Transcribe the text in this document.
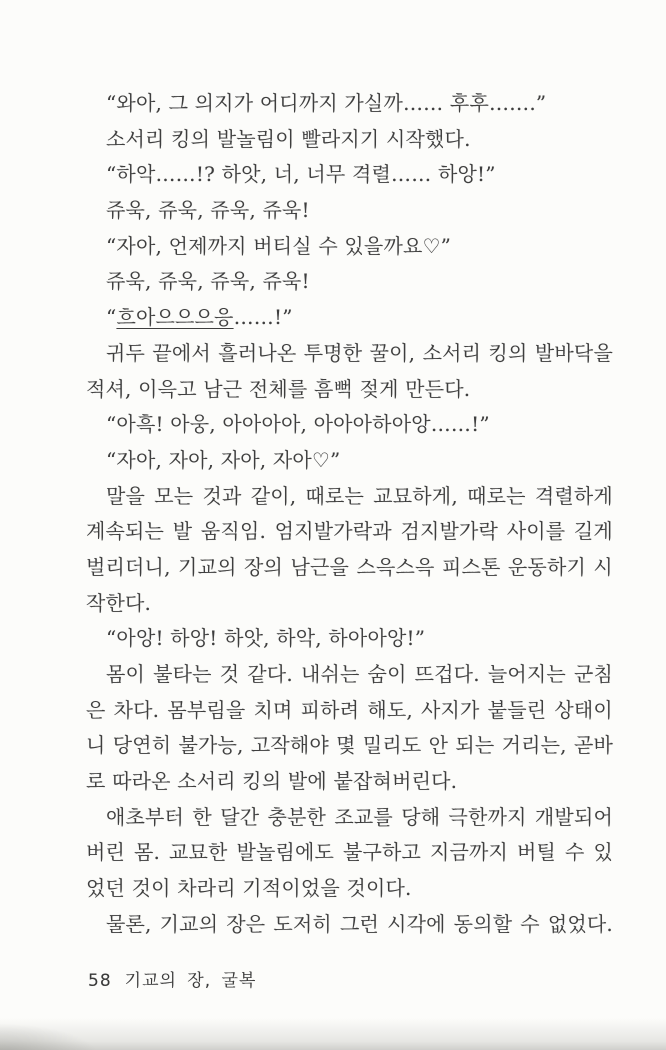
“와아, 그 의지가 어디까지 가실까…… 후후…….”
소서리 킹의 발놀림이 빨라지기 시작했다.
“하악……!? 하앗, 너, 너무 격렬…… 하앙!”
쥬욱, 쥬욱, 쥬욱, 쥬욱!
“자아, 언제까지 버티실 수 있을까요♡”
쥬욱, 쥬욱, 쥬욱, 쥬욱!
“흐아으으으응……!”
귀두 끝에서 흘러나온 투명한 꿀이, 소서리 킹의 발바닥을
적셔, 이윽고 남근 전체를 흠뻑 젖게 만든다.
“아흑! 아웅, 아아아아, 아아아하아앙……!”
“자아, 자아, 자아, 자아♡”
말을 모는 것과 같이, 때로는 교묘하게, 때로는 격렬하게
계속되는 발 움직임. 엄지발가락과 검지발가락 사이를 길게
벌리더니, 기교의 장의 남근을 스윽스윽 피스톤 운동하기 시
작한다.
“아앙! 하앙! 하앗, 하악, 하아아앙!”
몸이 불타는 것 같다. 내쉬는 숨이 뜨겁다. 늘어지는 군침
은 차다. 몸부림을 치며 피하려 해도, 사지가 붙들린 상태이
니 당연히 불가능, 고작해야 몇 밀리도 안 되는 거리는, 곧바
로 따라온 소서리 킹의 발에 붙잡혀버린다.
애초부터 한 달간 충분한 조교를 당해 극한까지 개발되어
버린 몸. 교묘한 발놀림에도 불구하고 지금까지 버틸 수 있
었던 것이 차라리 기적이었을 것이다.
물론, 기교의 장은 도저히 그런 시각에 동의할 수 없었다.
58 기교의 장, 굴복
